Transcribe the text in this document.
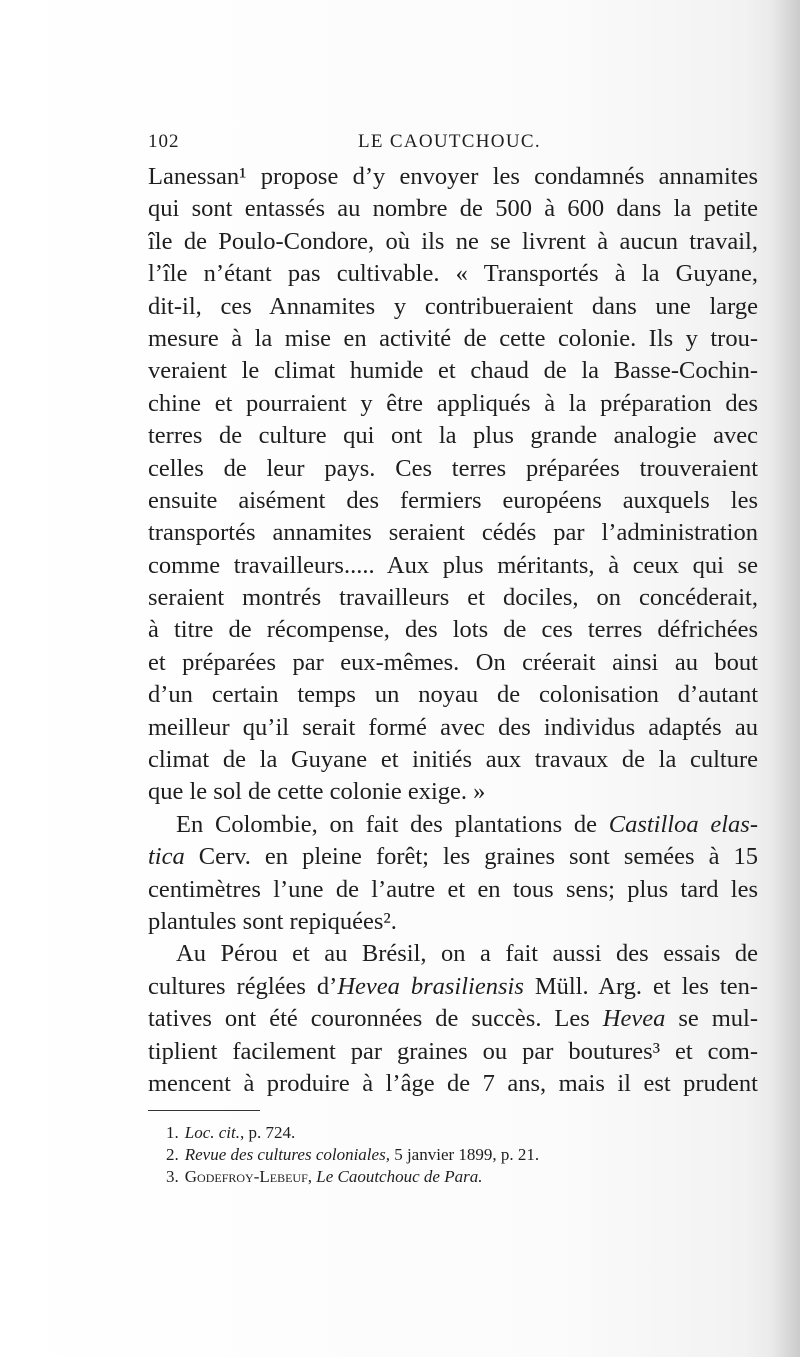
102	LE CAOUTCHOUC.
Lanessan¹ propose d’y envoyer les condamnés annamites
qui sont entassés au nombre de 500 à 600 dans la petite
île de Poulo-Condore, où ils ne se livrent à aucun travail,
l’île n’étant pas cultivable. « Transportés à la Guyane,
dit-il, ces Annamites y contribueraient dans une large
mesure à la mise en activité de cette colonie. Ils y trou-
veraient le climat humide et chaud de la Basse-Cochin-
chine et pourraient y être appliqués à la préparation des
terres de culture qui ont la plus grande analogie avec
celles de leur pays. Ces terres préparées trouveraient
ensuite aisément des fermiers européens auxquels les
transportés annamites seraient cédés par l’administration
comme travailleurs..... Aux plus méritants, à ceux qui se
seraient montrés travailleurs et dociles, on concéderait,
à titre de récompense, des lots de ces terres défrichées
et préparées par eux-mêmes. On créerait ainsi au bout
d’un certain temps un noyau de colonisation d’autant
meilleur qu’il serait formé avec des individus adaptés au
climat de la Guyane et initiés aux travaux de la culture
que le sol de cette colonie exige. »
En Colombie, on fait des plantations de Castilloa elas-
tica Cerv. en pleine forêt; les graines sont semées à 15
centimètres l’une de l’autre et en tous sens; plus tard les
plantules sont repiquées².
Au Pérou et au Brésil, on a fait aussi des essais de
cultures réglées d’Hevea brasiliensis Müll. Arg. et les ten-
tatives ont été couronnées de succès. Les Hevea se mul-
tiplient facilement par graines ou par boutures³ et com-
mencent à produire à l’âge de 7 ans, mais il est prudent
1. Loc. cit., p. 724.
2. Revue des cultures coloniales, 5 janvier 1899, p. 21.
3. Godefroy-Lebeuf, Le Caoutchouc de Para.
